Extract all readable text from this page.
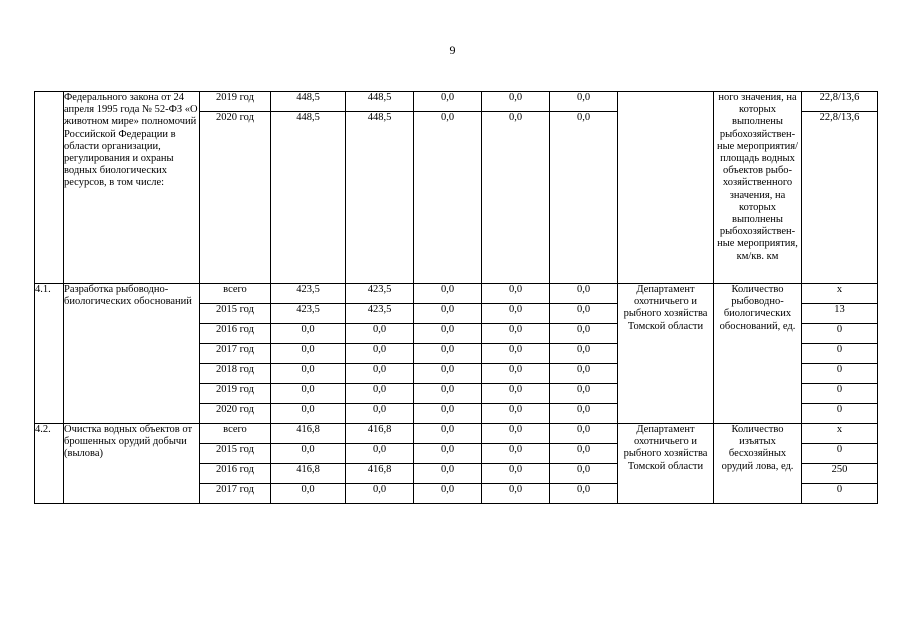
9
	Федерального закона от 24 апреля 1995 года № 52-ФЗ «О животном мире» полномочий Российской Федерации в области организации, регулирования и охраны водных биологических ресурсов, в том числе:	2019 год	448,5	448,5	0,0	0,0	0,0		ного значения, на которых выполнены рыбохозяйствен-ные мероприятия/ площадь водных объектов рыбо-хозяйственного значения, на которых выполнены рыбохозяйствен-ные мероприятия, км/кв. км	22,8/13,6
		2020 год	448,5	448,5	0,0	0,0	0,0			22,8/13,6
4.1.	Разработка рыбоводно-биологических обоснований	всего	423,5	423,5	0,0	0,0	0,0	Департамент охотничьего и рыбного хозяйства Томской области	Количество рыбоводно-биологических обоснований, ед.	x
		2015 год	423,5	423,5	0,0	0,0	0,0			13
		2016 год	0,0	0,0	0,0	0,0	0,0			0
		2017 год	0,0	0,0	0,0	0,0	0,0			0
		2018 год	0,0	0,0	0,0	0,0	0,0			0
		2019 год	0,0	0,0	0,0	0,0	0,0			0
		2020 год	0,0	0,0	0,0	0,0	0,0			0
4.2.	Очистка водных объектов от брошенных орудий добычи (вылова)	всего	416,8	416,8	0,0	0,0	0,0	Департамент охотничьего и рыбного хозяйства Томской области	Количество изъятых бесхозяйных орудий лова, ед.	x
		2015 год	0,0	0,0	0,0	0,0	0,0			0
		2016 год	416,8	416,8	0,0	0,0	0,0			250
		2017 год	0,0	0,0	0,0	0,0	0,0			0
